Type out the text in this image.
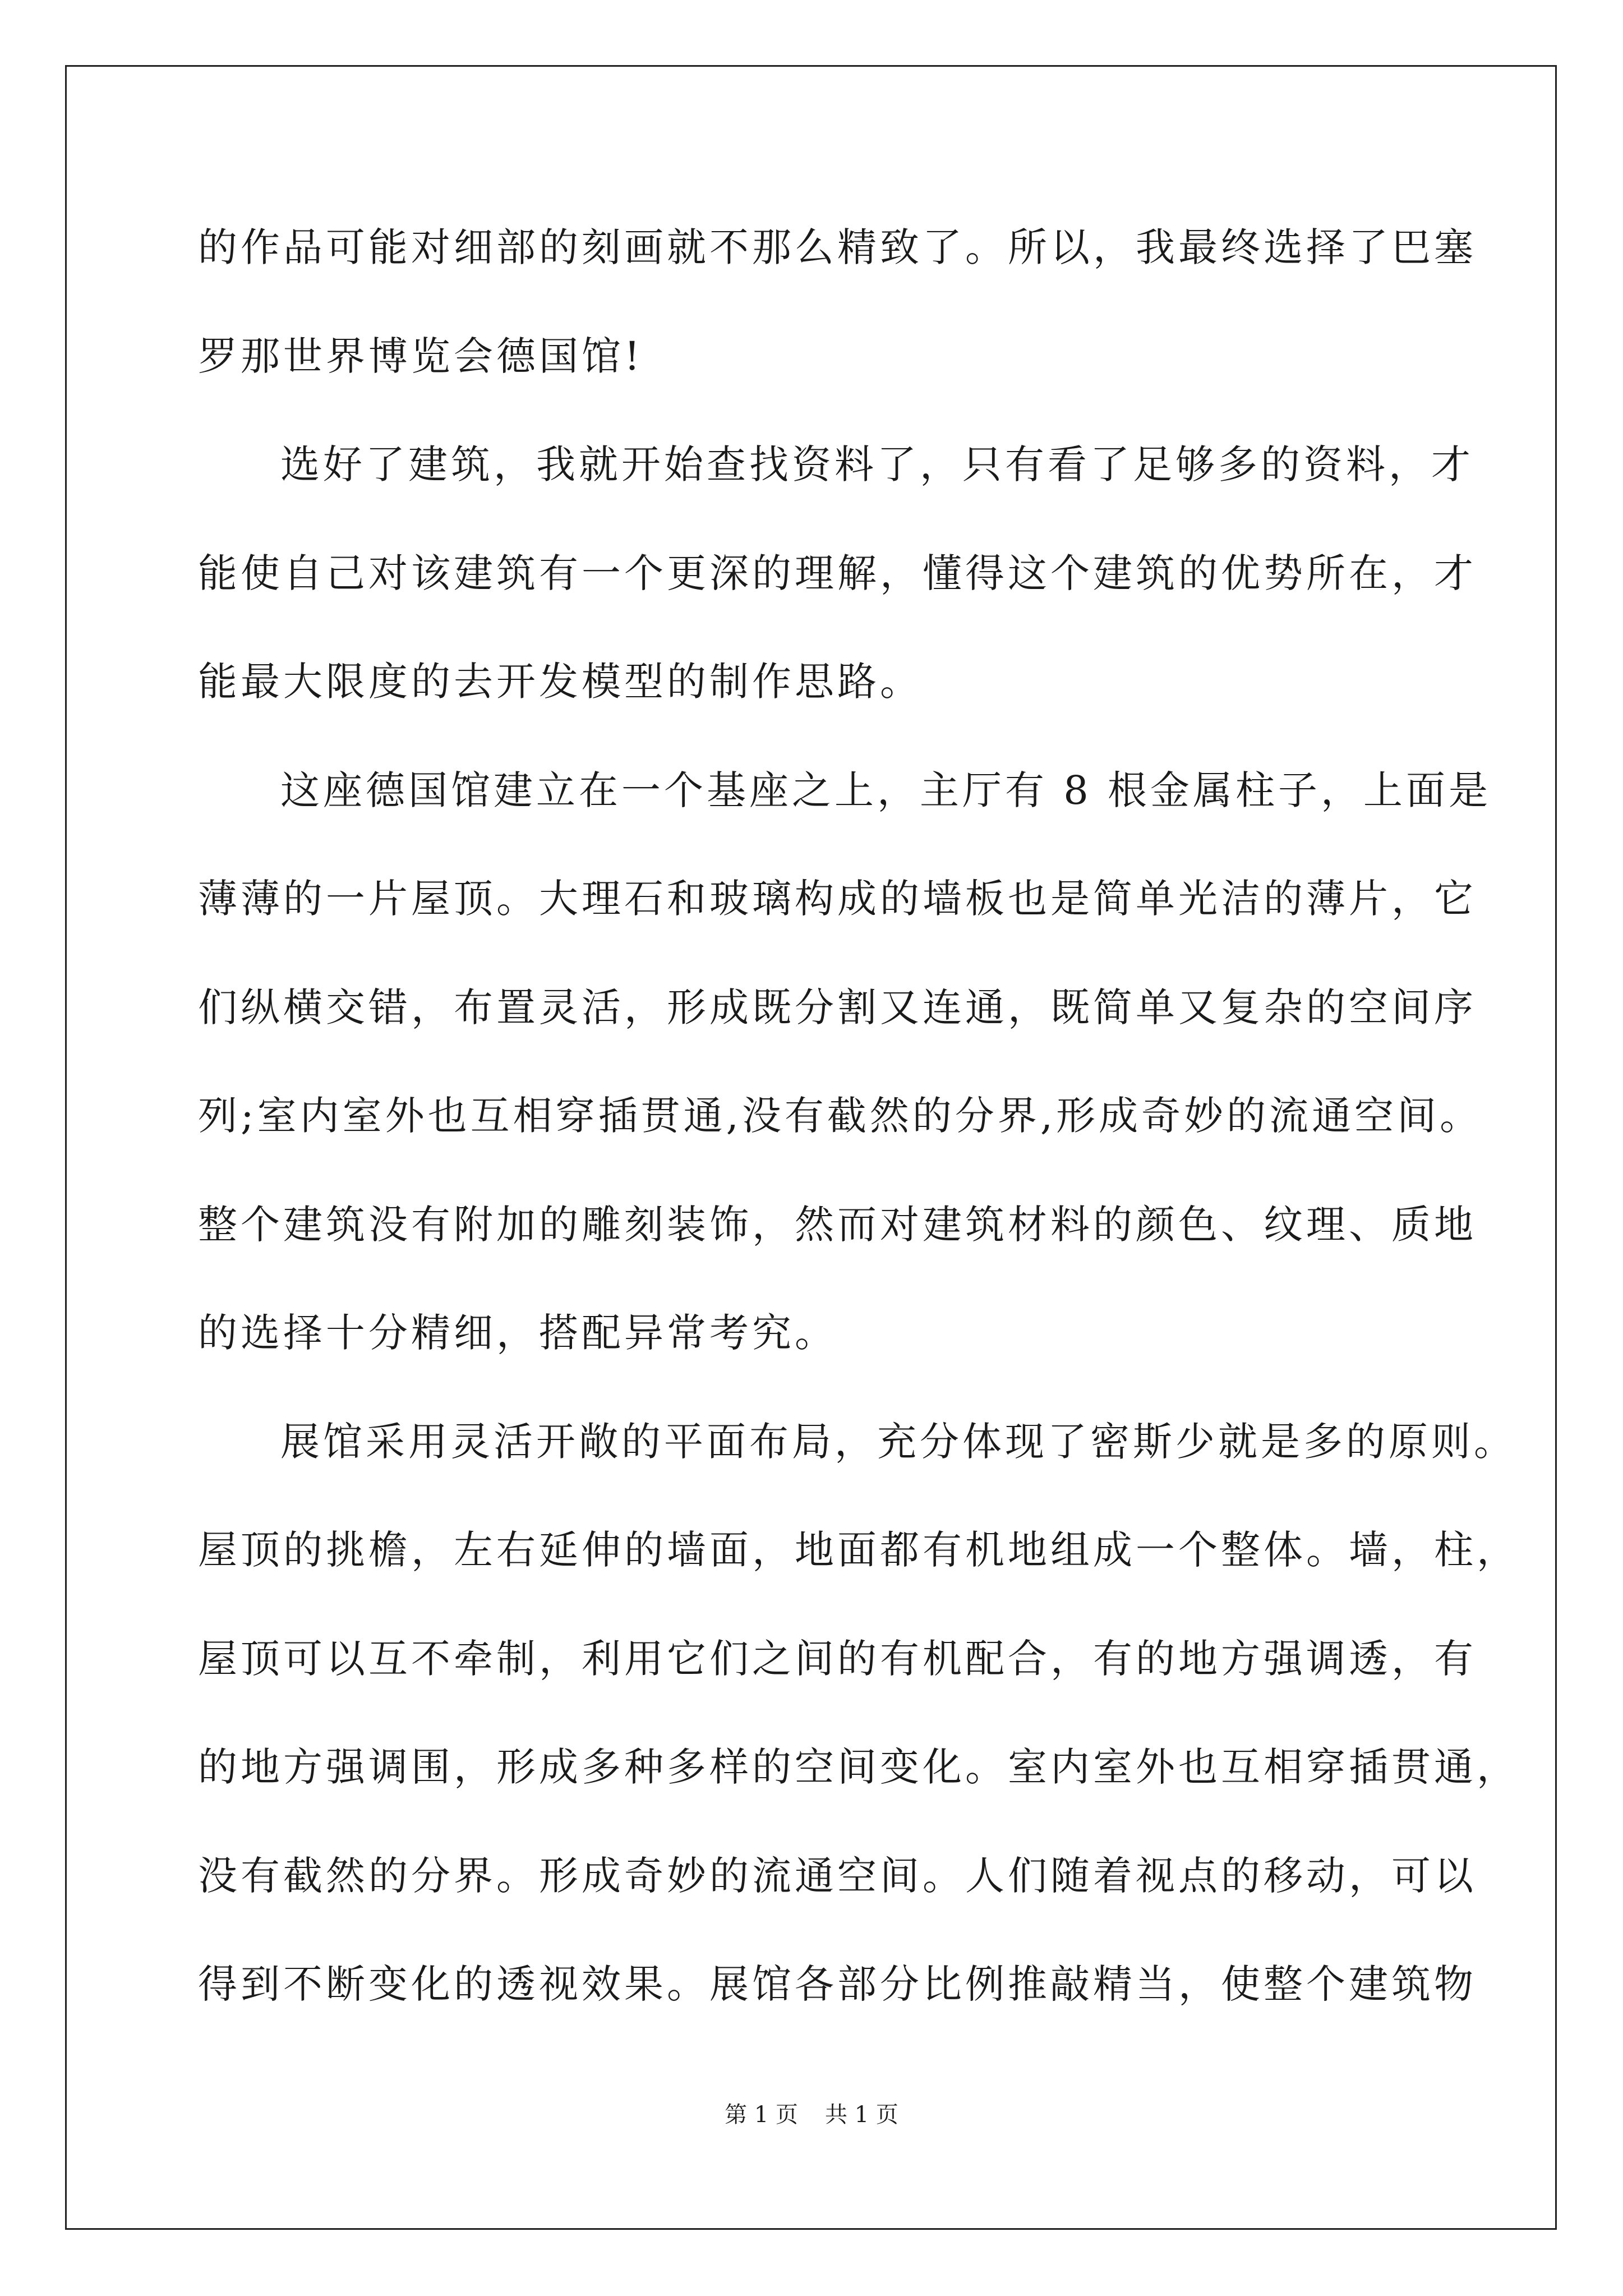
的作品可能对细部的刻画就不那么精致了。所以，我最终选择了巴塞
罗那世界博览会德国馆!
选好了建筑，我就开始查找资料了，只有看了足够多的资料，才
能使自己对该建筑有一个更深的理解，懂得这个建筑的优势所在，才
能最大限度的去开发模型的制作思路。
这座德国馆建立在一个基座之上，主厅有 8 根金属柱子，上面是
薄薄的一片屋顶。大理石和玻璃构成的墙板也是简单光洁的薄片，它
们纵横交错，布置灵活，形成既分割又连通，既简单又复杂的空间序
列;室内室外也互相穿插贯通,没有截然的分界,形成奇妙的流通空间。
整个建筑没有附加的雕刻装饰，然而对建筑材料的颜色、纹理、质地
的选择十分精细，搭配异常考究。
展馆采用灵活开敞的平面布局，充分体现了密斯少就是多的原则。
屋顶的挑檐，左右延伸的墙面，地面都有机地组成一个整体。墙，柱，
屋顶可以互不牵制，利用它们之间的有机配合，有的地方强调透，有
的地方强调围，形成多种多样的空间变化。室内室外也互相穿插贯通，
没有截然的分界。形成奇妙的流通空间。人们随着视点的移动，可以
得到不断变化的透视效果。展馆各部分比例推敲精当，使整个建筑物
第 1 页 共 1 页
